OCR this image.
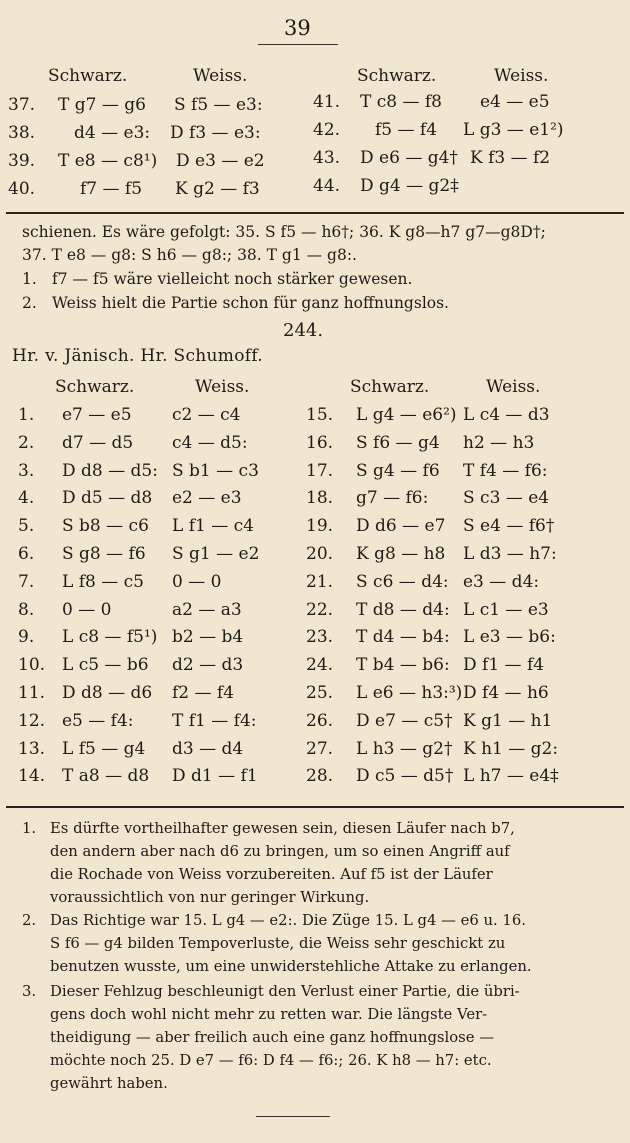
39
Schwarz.	Weiss.	Schwarz.	Weiss.
37. T g7 — g6 S f5 — e3:
38. d4 — e3: D f3 — e3:
39. T e8 — c8¹) D e3 — e2
40.	f7 — f5 K g2 — f3
41. T c8 — f8 e4 — e5
42. f5 — f4 L g3 — e1²)
43. D e6 — g4† K f3 — f2
44. D g4 — g2‡
schienen. Es wäre gefolgt: 35. S f5 — h6†; 36. K g8—h7 g7—g8D†;
37. T e8 — g8: S h6 — g8:; 38. T g1 — g8:.
1. f7 — f5 wäre vielleicht noch stärker gewesen.
2. Weiss hielt die Partie schon für ganz hoffnungslos.
244.
Hr. v. Jänisch. Hr. Schumoff.
Schwarz.	Weiss.	Schwarz.	Weiss.
1. e7 — e5 c2 — c4
2. d7 — d5 c4 — d5:
3. D d8 — d5: S b1 — c3
4. D d5 — d8 e2 — e3
5. S b8 — c6 L f1 — c4
6. S g8 — f6 S g1 — e2
7. L f8 — c5 0 — 0
8. 0 — 0	a2 — a3
9. L c8 — f5¹) b2 — b4
10. L c5 — b6 d2 — d3
11. D d8 — d6 f2 — f4
12. e5 — f4: T f1 — f4:
13. L f5 — g4 d3 — d4
14. T a8 — d8 D d1 — f1
15. L g4 — e6²) L c4 — d3
16. S f6 — g4 h2 — h3
17. S g4 — f6 T f4 — f6:
18. g7 — f6: S c3 — e4
19. D d6 — e7 S e4 — f6†
20. K g8 — h8 L d3 — h7:
21. S c6 — d4: e3 — d4:
22. T d8 — d4: L c1 — e3
23. T d4 — b4: L e3 — b6:
24. T b4 — b6: D f1 — f4
25. L e6 — h3:³) D f4 — h6
26. D e7 — c5† K g1 — h1
27. L h3 — g2† K h1 — g2:
28. D c5 — d5† L h7 — e4‡
1. Es dürfte vortheilhafter gewesen sein, diesen Läufer nach b7,
den andern aber nach d6 zu bringen, um so einen Angriff auf
die Rochade von Weiss vorzubereiten. Auf f5 ist der Läufer
voraussichtlich von nur geringer Wirkung.
2. Das Richtige war 15. L g4 — e2:. Die Züge 15. L g4 — e6 u. 16.
S f6 — g4 bilden Tempoverluste, die Weiss sehr geschickt zu
benutzen wusste, um eine unwiderstehliche Attake zu erlangen.
3. Dieser Fehlzug beschleunigt den Verlust einer Partie, die übri-
gens doch wohl nicht mehr zu retten war. Die längste Ver-
theidigung — aber freilich auch eine ganz hoffnungslose —
möchte noch 25. D e7 — f6: D f4 — f6:; 26. K h8 — h7: etc.
gewährt haben.
